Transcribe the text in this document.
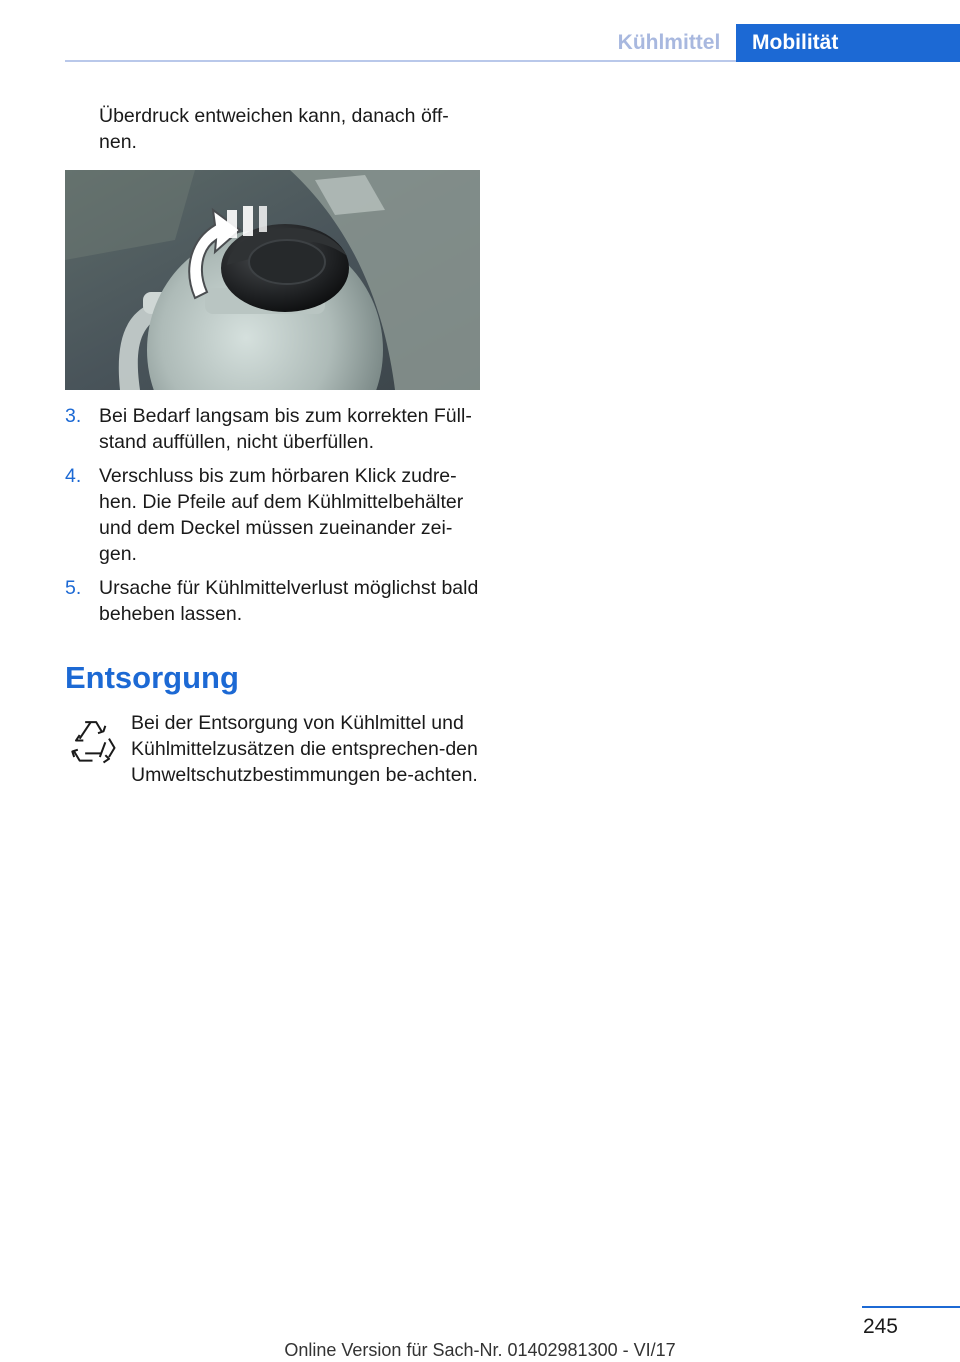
Kühlmittel	Mobilität
Überdruck entweichen kann, danach öff‐nen.
3. Bei Bedarf langsam bis zum korrekten Füll‐stand auffüllen, nicht überfüllen.
4. Verschluss bis zum hörbaren Klick zudre‐hen. Die Pfeile auf dem Kühlmittelbehälter und dem Deckel müssen zueinander zei‐gen.
5. Ursache für Kühlmittelverlust möglichst bald beheben lassen.
Entsorgung

Bei der Entsorgung von Kühlmittel und Kühlmittelzusätzen die entsprechen‐den Umweltschutzbestimmungen be‐achten.

245
Online Version für Sach-Nr. 01402981300 - VI/17
